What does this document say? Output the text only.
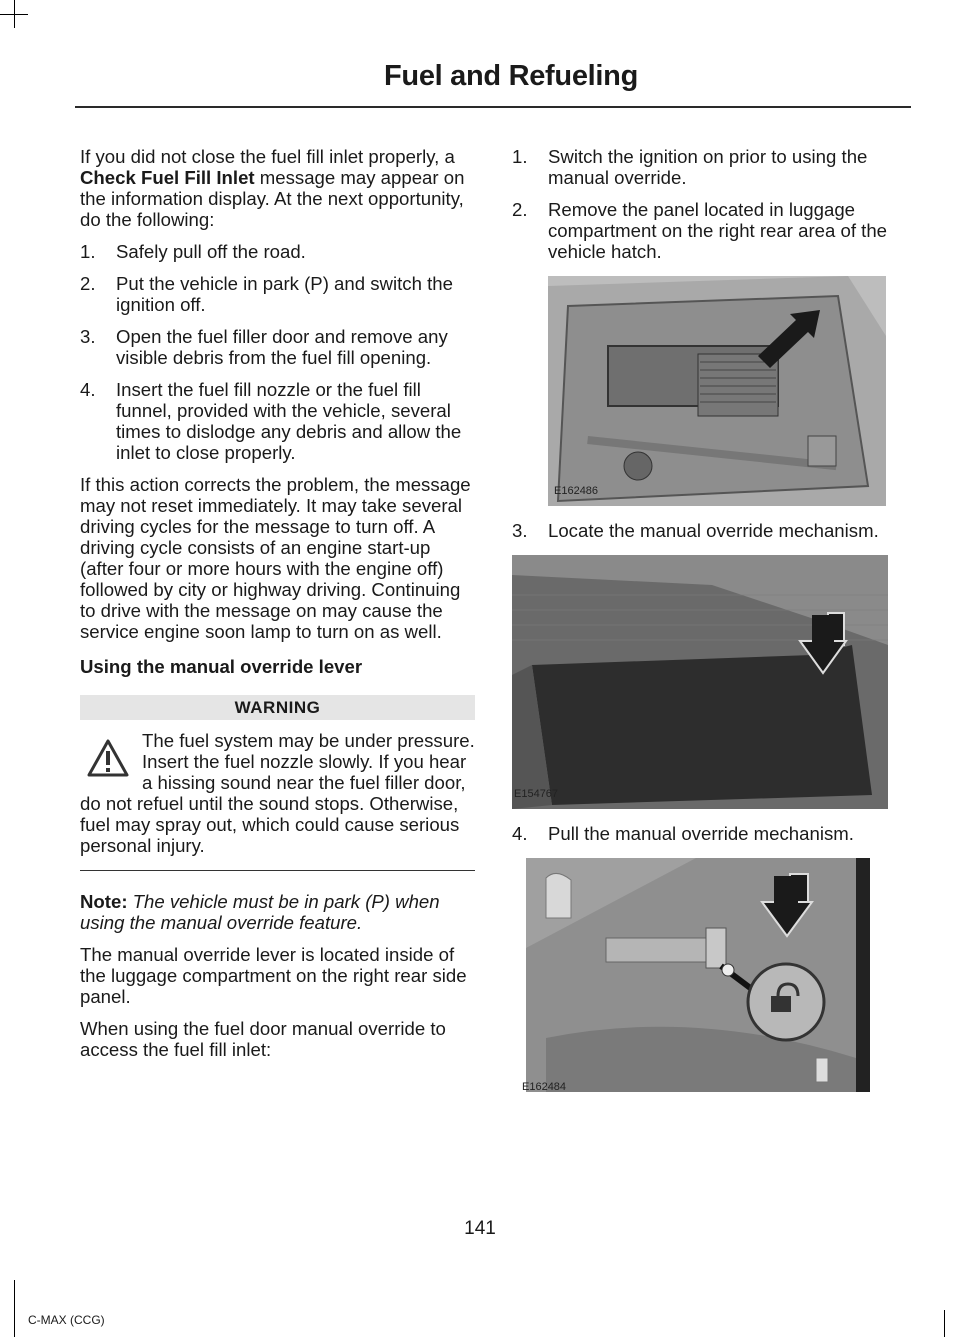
Fuel and Refueling

If you did not close the fuel fill inlet properly, a Check Fuel Fill Inlet message may appear on the information display. At the next opportunity, do the following:

1. Safely pull off the road.
2. Put the vehicle in park (P) and switch the ignition off.
3. Open the fuel filler door and remove any visible debris from the fuel fill opening.
4. Insert the fuel fill nozzle or the fuel fill funnel, provided with the vehicle, several times to dislodge any debris and allow the inlet to close properly.

If this action corrects the problem, the message may not reset immediately. It may take several driving cycles for the message to turn off. A driving cycle consists of an engine start-up (after four or more hours with the engine off) followed by city or highway driving. Continuing to drive with the message on may cause the service engine soon lamp to turn on as well.

Using the manual override lever
WARNING
The fuel system may be under pressure. Insert the fuel nozzle slowly. If you hear a hissing sound near the fuel filler door, do not refuel until the sound stops. Otherwise, fuel may spray out, which could cause serious personal injury.

Note: The vehicle must be in park (P) when using the manual override feature.

The manual override lever is located inside of the luggage compartment on the right rear side panel.

When using the fuel door manual override to access the fuel fill inlet:

1. Switch the ignition on prior to using the manual override.
2. Remove the panel located in luggage compartment on the right rear area of the vehicle hatch.
E162486
3. Locate the manual override mechanism.
E154767
4. Pull the manual override mechanism.
E162484
141
C-MAX (CCG)
